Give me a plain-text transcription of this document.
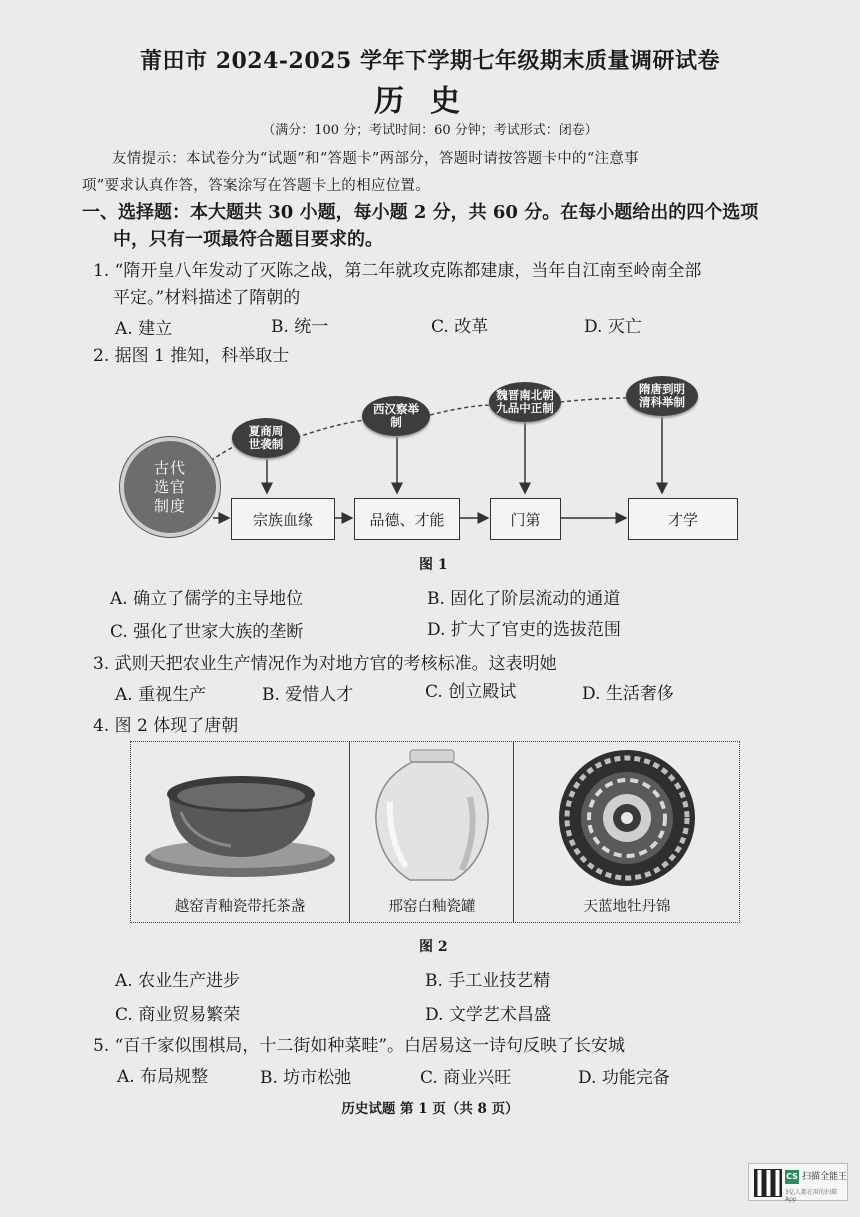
莆田市 2024-2025 学年下学期七年级期末质量调研试卷
历史
（满分：100 分；考试时间：60 分钟；考试形式：闭卷）
友情提示：本试卷分为“试题”和“答题卡”两部分，答题时请按答题卡中的“注意事
项”要求认真作答，答案涂写在答题卡上的相应位置。
一、选择题：本大题共 30 小题，每小题 2 分，共 60 分。在每小题给出的四个选项
中，只有一项最符合题目要求的。
1. “隋开皇八年发动了灭陈之战，第二年就攻克陈都建康，当年自江南至岭南全部
平定。”材料描述了隋朝的
A. 建立	B. 统一	C. 改革	D. 灭亡
2. 据图 1 推知，科举取士
古代选官制度
夏商周世袭制
西汉察举制
魏晋南北朝九品中正制
隋唐到明清科举制
宗族血缘	品德、才能	门第	才学
图 1
A. 确立了儒学的主导地位	B. 固化了阶层流动的通道
C. 强化了世家大族的垄断	D. 扩大了官吏的选拔范围
3. 武则天把农业生产情况作为对地方官的考核标准。这表明她
A. 重视生产	B. 爱惜人才	C. 创立殿试	D. 生活奢侈
4. 图 2 体现了唐朝
越窑青釉瓷带托茶盏	邢窑白釉瓷罐	天蓝地牡丹锦
图 2
A. 农业生产进步	B. 手工业技艺精
C. 商业贸易繁荣	D. 文学艺术昌盛
5. “百千家似围棋局，十二街如种菜畦”。白居易这一诗句反映了长安城
A. 布局规整	B. 坊市松弛	C. 商业兴旺	D. 功能完备
历史试题 第 1 页（共 8 页）
CS 扫描全能王
3亿人都在用的扫描App
